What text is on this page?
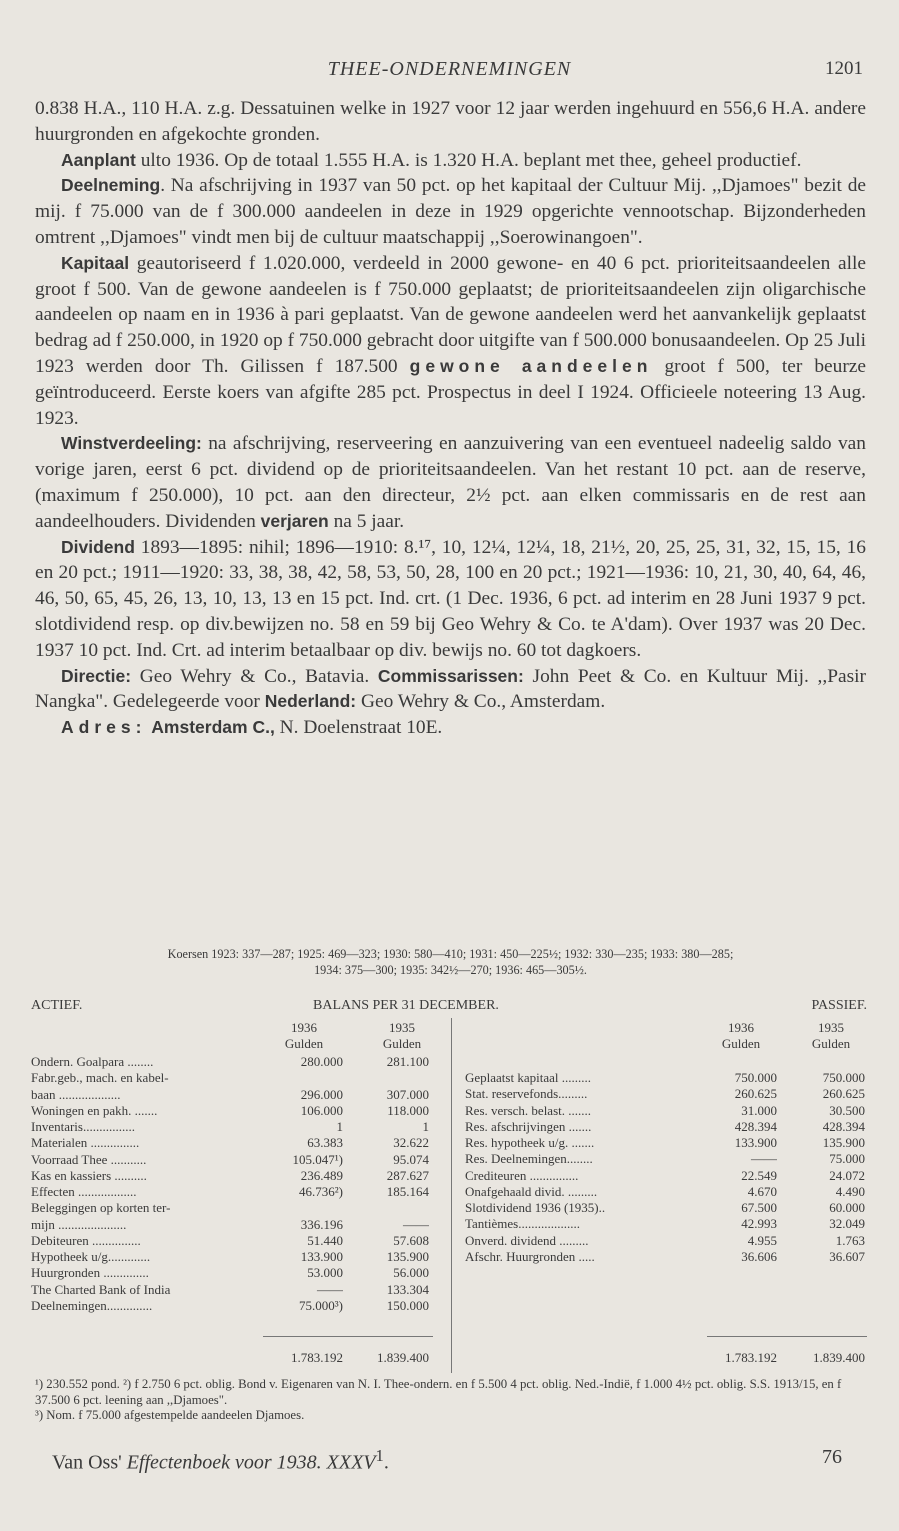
THEE-ONDERNEMINGEN	1201

0.838 H.A., 110 H.A. z.g. Dessatuinen welke in 1927 voor 12 jaar werden ingehuurd en 556,6 H.A. andere huurgronden en afgekochte gronden.

Aanplant ulto 1936. Op de totaal 1.555 H.A. is 1.320 H.A. beplant met thee, geheel productief.

Deelneming. Na afschrijving in 1937 van 50 pct. op het kapitaal der Cultuur Mij. ,,Djamoes" bezit de mij. f 75.000 van de f 300.000 aandeelen in deze in 1929 opgerichte vennootschap. Bijzonderheden omtrent ,,Djamoes" vindt men bij de cultuur maatschappij ,,Soerowinangoen".

Kapitaal geautoriseerd f 1.020.000, verdeeld in 2000 gewone- en 40 6 pct. prioriteitsaandeelen alle groot f 500. Van de gewone aandeelen is f 750.000 geplaatst; de prioriteitsaandeelen zijn oligarchische aandeelen op naam en in 1936 à pari geplaatst. Van de gewone aandeelen werd het aanvankelijk geplaatst bedrag ad f 250.000, in 1920 op f 750.000 gebracht door uitgifte van f 500.000 bonusaandeelen. Op 25 Juli 1923 werden door Th. Gilissen f 187.500 gewone aandeelen groot f 500, ter beurze geïntroduceerd. Eerste koers van afgifte 285 pct. Prospectus in deel I 1924. Officieele noteering 13 Aug. 1923.

Winstverdeeling: na afschrijving, reserveering en aanzuivering van een eventueel nadeelig saldo van vorige jaren, eerst 6 pct. dividend op de prioriteitsaandeelen. Van het restant 10 pct. aan de reserve, (maximum f 250.000), 10 pct. aan den directeur, 2½ pct. aan elken commissaris en de rest aan aandeelhouders. Dividenden verjaren na 5 jaar.

Dividend 1893—1895: nihil; 1896—1910: 8.¹⁷, 10, 12¼, 12¼, 18, 21½, 20, 25, 25, 31, 32, 15, 15, 16 en 20 pct.; 1911—1920: 33, 38, 38, 42, 58, 53, 50, 28, 100 en 20 pct.; 1921—1936: 10, 21, 30, 40, 64, 46, 46, 50, 65, 45, 26, 13, 10, 13, 13 en 15 pct. Ind. crt. (1 Dec. 1936, 6 pct. ad interim en 28 Juni 1937 9 pct. slotdividend resp. op div.bewijzen no. 58 en 59 bij Geo Wehry & Co. te A'dam). Over 1937 was 20 Dec. 1937 10 pct. Ind. Crt. ad interim betaalbaar op div. bewijs no. 60 tot dagkoers.

Directie: Geo Wehry & Co., Batavia. Commissarissen: John Peet & Co. en Kultuur Mij. ,,Pasir Nangka". Gedelegeerde voor Nederland: Geo Wehry & Co., Amsterdam.

Adres: Amsterdam C., N. Doelenstraat 10E.

Koersen 1923: 337—287; 1925: 469—323; 1930: 580—410; 1931: 450—225½; 1932: 330—235; 1933: 380—285;
1934: 375—300; 1935: 342½—270; 1936: 465—305½.
ACTIEF.	BALANS PER 31 DECEMBER.	PASSIEF.
1936	1935
Gulden	Gulden
1936	1935
Gulden	Gulden
Ondern. Goalpara ........	280.000	281.100
Fabr.geb., mach. en kabel-
baan ...................	296.000	307.000
Woningen en pakh. .......	106.000	118.000
Inventaris................	1	1
Materialen ...............	63.383	32.622
Voorraad Thee ...........	105.047¹)	95.074
Kas en kassiers ..........	236.489	287.627
Effecten ..................	46.736²)	185.164
Beleggingen op korten ter-
mijn .....................	336.196	——
Debiteuren ...............	51.440	57.608
Hypotheek u/g.............	133.900	135.900
Huurgronden ..............	53.000	56.000
The Charted Bank of India	——	133.304
Deelnemingen..............	75.000³)	150.000
Geplaatst kapitaal .........	750.000	750.000
Stat. reservefonds.........	260.625	260.625
Res. versch. belast. .......	31.000	30.500
Res. afschrijvingen .......	428.394	428.394
Res. hypotheek u/g. .......	133.900	135.900
Res. Deelnemingen........	——	75.000
Crediteuren ...............	22.549	24.072
Onafgehaald divid. .........	4.670	4.490
Slotdividend 1936 (1935)..	67.500	60.000
Tantièmes...................	42.993	32.049
Onverd. dividend .........	4.955	1.763
Afschr. Huurgronden .....	36.606	36.607
1.783.192	1.839.400	1.783.192	1.839.400
¹) 230.552 pond. ²) f 2.750 6 pct. oblig. Bond v. Eigenaren van N. I. Thee-ondern. en f 5.500 4 pct. oblig. Ned.-Indië, f 1.000 4½ pct. oblig. S.S. 1913/15, en f 37.500 6 pct. leening aan ,,Djamoes".
³) Nom. f 75.000 afgestempelde aandeelen Djamoes.
Van Oss' Effectenboek voor 1938. XXXV$^1$.	76
